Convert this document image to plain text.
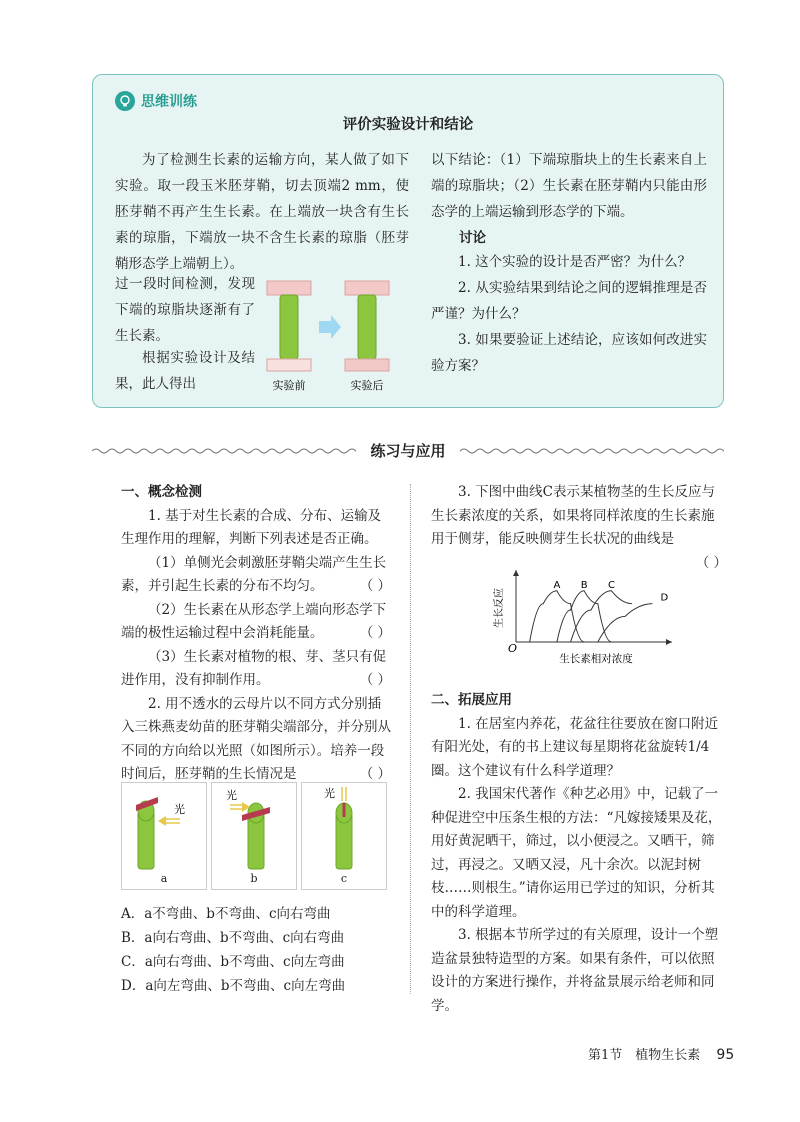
思维训练
评价实验设计和结论
为了检测生长素的运输方向，某人做了如下实验。取一段玉米胚芽鞘，切去顶端2 mm，使胚芽鞘不再产生生长素。在上端放一块含有生长素的琼脂，下端放一块不含生长素的琼脂（胚芽鞘形态学上端朝上）。
过一段时间检测，发现下端的琼脂块逐渐有了生长素。
根据实验设计及结果，此人得出	实验前	实验后
以下结论：（1）下端琼脂块上的生长素来自上端的琼脂块；（2）生长素在胚芽鞘内只能由形态学的上端运输到形态学的下端。
讨论
1. 这个实验的设计是否严密？为什么？
2. 从实验结果到结论之间的逻辑推理是否严谨？为什么？
3. 如果要验证上述结论，应该如何改进实验方案？
练习与应用

一、概念检测

1. 基于对生长素的合成、分布、运输及生理作用的理解，判断下列表述是否正确。

（1）单侧光会刺激胚芽鞘尖端产生生长素，并引起生长素的分布不均匀。	（ ）

（2）生长素在从形态学上端向形态学下端的极性运输过程中会消耗能量。	（ ）

（3）生长素对植物的根、芽、茎只有促进作用，没有抑制作用。	（ ）

2. 用不透水的云母片以不同方式分别插入三株燕麦幼苗的胚芽鞘尖端部分，并分别从不同的方向给以光照（如图所示）。培养一段时间后，胚芽鞘的生长情况是	（ ）

光
a
光
b
光
c

A．a不弯曲、b不弯曲、c向右弯曲

B．a向右弯曲、b不弯曲、c向右弯曲

C．a向右弯曲、b不弯曲、c向左弯曲

D．a向左弯曲、b不弯曲、c向左弯曲

3. 下图中曲线C表示某植物茎的生长反应与生长素浓度的关系，如果将同样浓度的生长素施用于侧芽，能反映侧芽生长状况的曲线是
（ ）

A B C
D
生长反应
生长素相对浓度
O

二、拓展应用

1. 在居室内养花，花盆往往要放在窗口附近有阳光处，有的书上建议每星期将花盆旋转1/4圈。这个建议有什么科学道理？

2. 我国宋代著作《种艺必用》中，记载了一种促进空中压条生根的方法：“凡嫁接矮果及花，用好黄泥晒干，筛过，以小便浸之。又晒干，筛过，再浸之。又晒又浸，凡十余次。以泥封树枝……则根生。”请你运用已学过的知识，分析其中的科学道理。

3. 根据本节所学过的有关原理，设计一个塑造盆景独特造型的方案。如果有条件，可以依照设计的方案进行操作，并将盆景展示给老师和同学。

第1节　植物生长素 95
